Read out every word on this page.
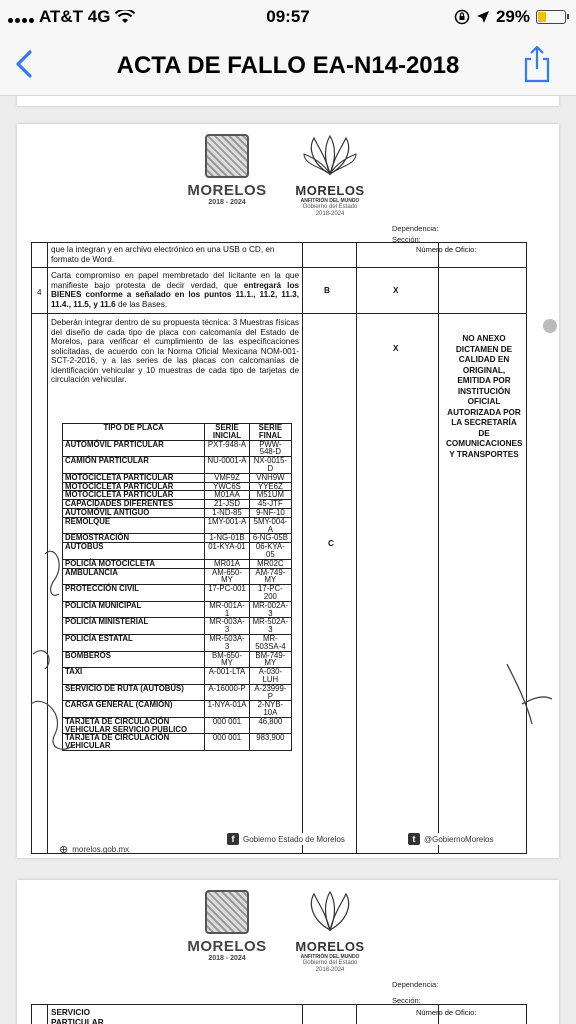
AT&T 4G	09:57	29%
ACTA DE FALLO EA-N14-2018
MORELOS
2018 - 2024
MORELOS
ANFITRIÓN DEL MUNDO
Gobierno del Estado
2018-2024
Dependencia:
Sección:
que la integran y en archivo electrónico en una USB o CD, en formato de Word.
Número de Oficio:
4
Carta compromiso en papel membretado del licitante en la que manifieste bajo protesta de decir verdad, que entregará los BIENES conforme a señalado en los puntos 11.1., 11.2, 11.3, 11.4., 11.5, y 11.6 de las Bases.
B	X
Deberán integrar dentro de su propuesta técnica: 3 Muestras físicas del diseño de cada tipo de placa con calcomanía del Estado de Morelos, para verificar el cumplimiento de las especificaciones solicitadas, de acuerdo con la Norma Oficial Mexicana NOM-001-SCT-2-2016, y a las series de las placas con calcomanías de identificación vehicular y 10 muestras de cada tipo de tarjetas de circulación vehicular.
X
C
NO ANEXO DICTAMEN DE CALIDAD EN ORIGINAL, EMITIDA POR INSTITUCIÓN OFICIAL AUTORIZADA POR LA SECRETARÍA DE COMUNICACIONES Y TRANSPORTES
TIPO DE PLACA	SERIE INICIAL	SERIE FINAL
AUTOMÓVIL PARTICULAR	PXT-948-A	PWW-548-D
CAMIÓN PARTICULAR	NU-0001-A	NX-0015-D
MOTOCICLETA PARTICULAR	VMF9Z	VNH9W
MOTOCICLETA PARTICULAR	YWC6S	YYE6Z
MOTOCICLETA PARTICULAR	M01AA	M51UM
CAPACIDADES DIFERENTES	21-JSD	45-JTF
AUTOMÓVIL ANTIGUO	1-ND-85	9-NF-10
REMOLQUE	1MY-001-A	5MY-004-A
DEMOSTRACIÓN	1-NG-01B	6-NG-05B
AUTOBÚS	01-KYA-01	06-KYA-05
POLICÍA MOTOCICLETA	MR01A	MR02C
AMBULANCIA	AM-650-MY	AM-749-MY
PROTECCIÓN CIVIL	17-PC-001	17-PC-200
POLICÍA MUNICIPAL	MR-001A-1	MR-002A-3
POLICÍA MINISTERIAL	MR-003A-3	MR-502A-3
POLICÍA ESTATAL	MR-503A-3	MR-503SA-4
BOMBEROS	BM-650-MY	BM-749-MY
TAXI	A-001-LTA	A-030-LUH
SERVICIO DE RUTA (AUTOBÚS)	A-16000-P	A-23999-P
CARGA GENERAL (CAMIÓN)	1-NYA-01A	2-NYB-10A
TARJETA DE CIRCULACIÓN VEHICULAR SERVICIO PUBLICO	000 001	46,800
TARJETA DE CIRCULACIÓN VEHICULAR	000 001	983,900
⊕ morelos.gob.mx
f	Gobierno Estado de Morelos	t	@GobiernoMorelos
MORELOS
2018 - 2024
MORELOS
ANFITRIÓN DEL MUNDO
Gobierno del Estado
2018-2024
Dependencia:
Sección:
SERVICIO PARTICULAR
Número de Oficio:
